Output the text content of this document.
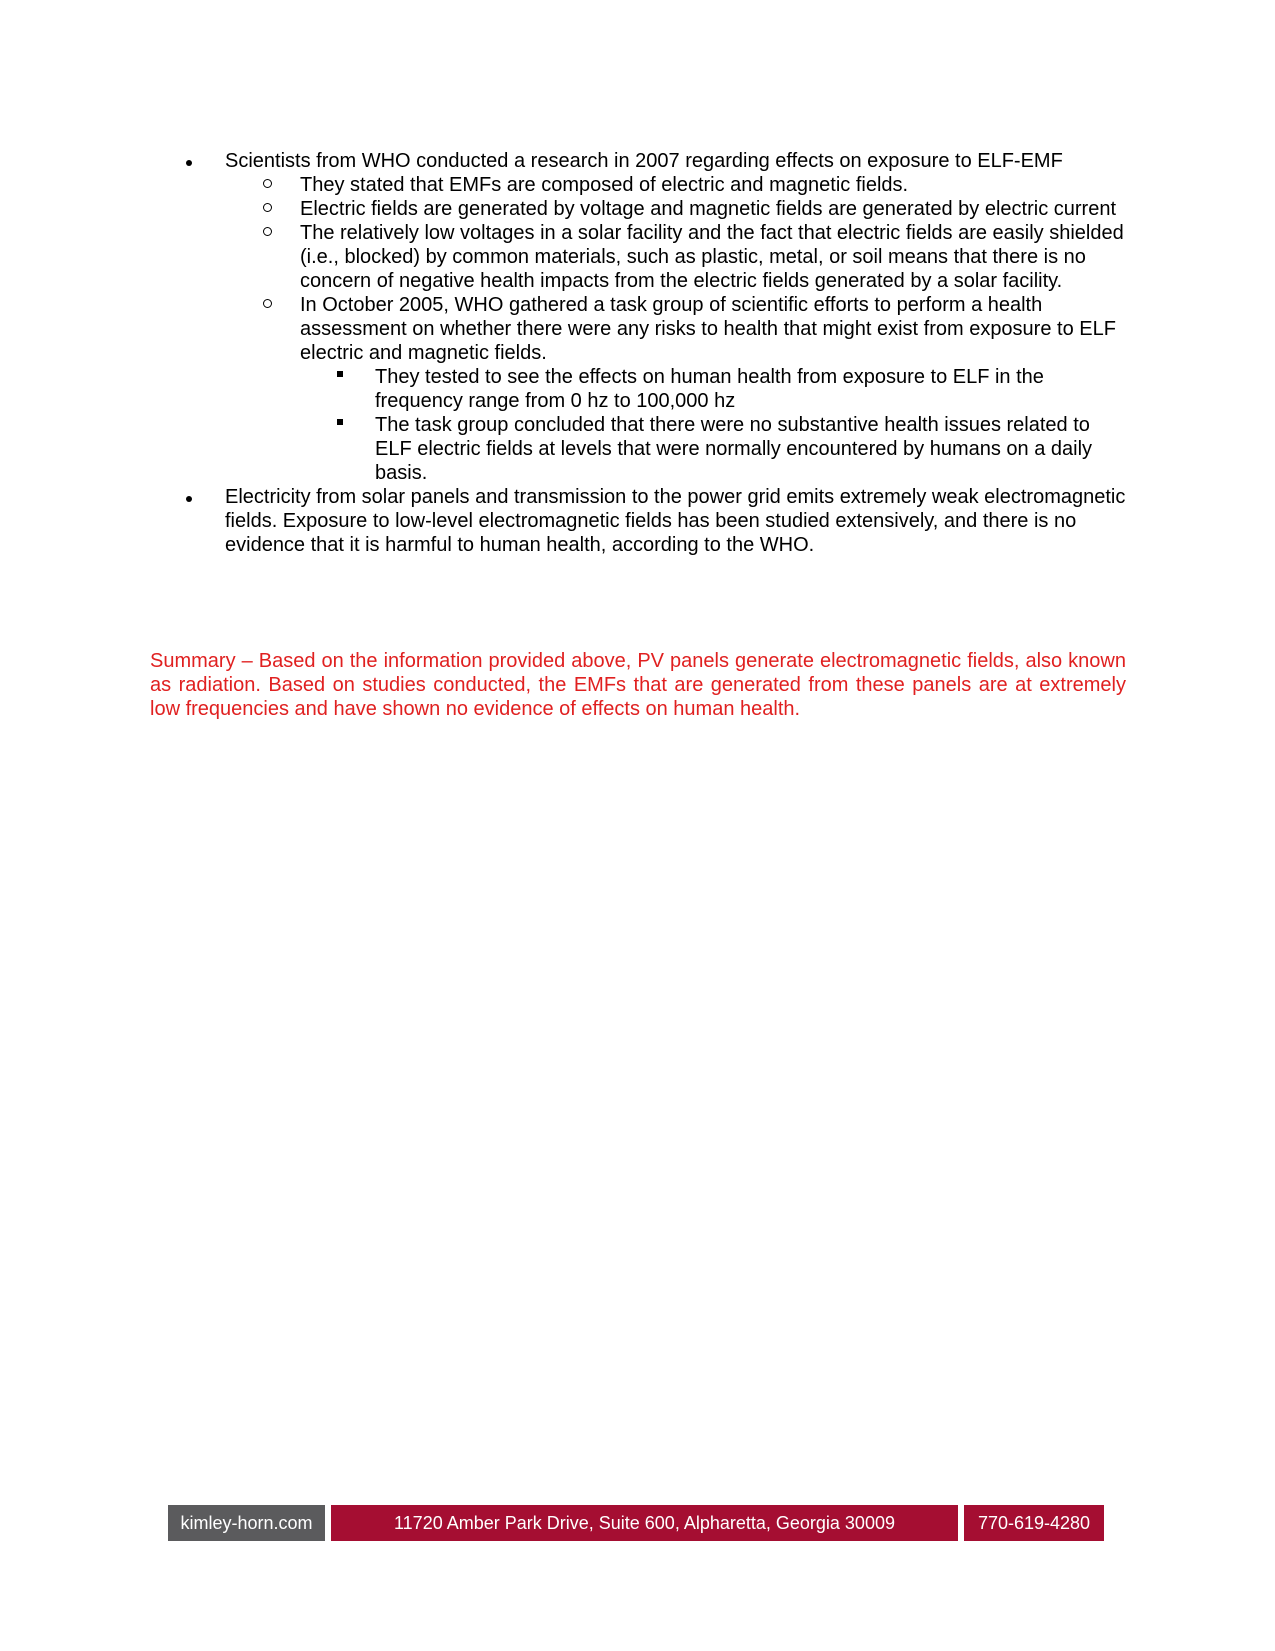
Scientists from WHO conducted a research in 2007 regarding effects on exposure to ELF-EMF
They stated that EMFs are composed of electric and magnetic fields.
Electric fields are generated by voltage and magnetic fields are generated by electric current
The relatively low voltages in a solar facility and the fact that electric fields are easily shielded (i.e., blocked) by common materials, such as plastic, metal, or soil means that there is no concern of negative health impacts from the electric fields generated by a solar facility.
In October 2005, WHO gathered a task group of scientific efforts to perform a health assessment on whether there were any risks to health that might exist from exposure to ELF electric and magnetic fields.
They tested to see the effects on human health from exposure to ELF in the frequency range from 0 hz to 100,000 hz
The task group concluded that there were no substantive health issues related to ELF electric fields at levels that were normally encountered by humans on a daily basis.
Electricity from solar panels and transmission to the power grid emits extremely weak electromagnetic fields. Exposure to low-level electromagnetic fields has been studied extensively, and there is no evidence that it is harmful to human health, according to the WHO.

Summary – Based on the information provided above, PV panels generate electromagnetic fields, also known as radiation. Based on studies conducted, the EMFs that are generated from these panels are at extremely low frequencies and have shown no evidence of effects on human health.

kimley-horn.com	11720 Amber Park Drive, Suite 600, Alpharetta, Georgia 30009	770-619-4280
